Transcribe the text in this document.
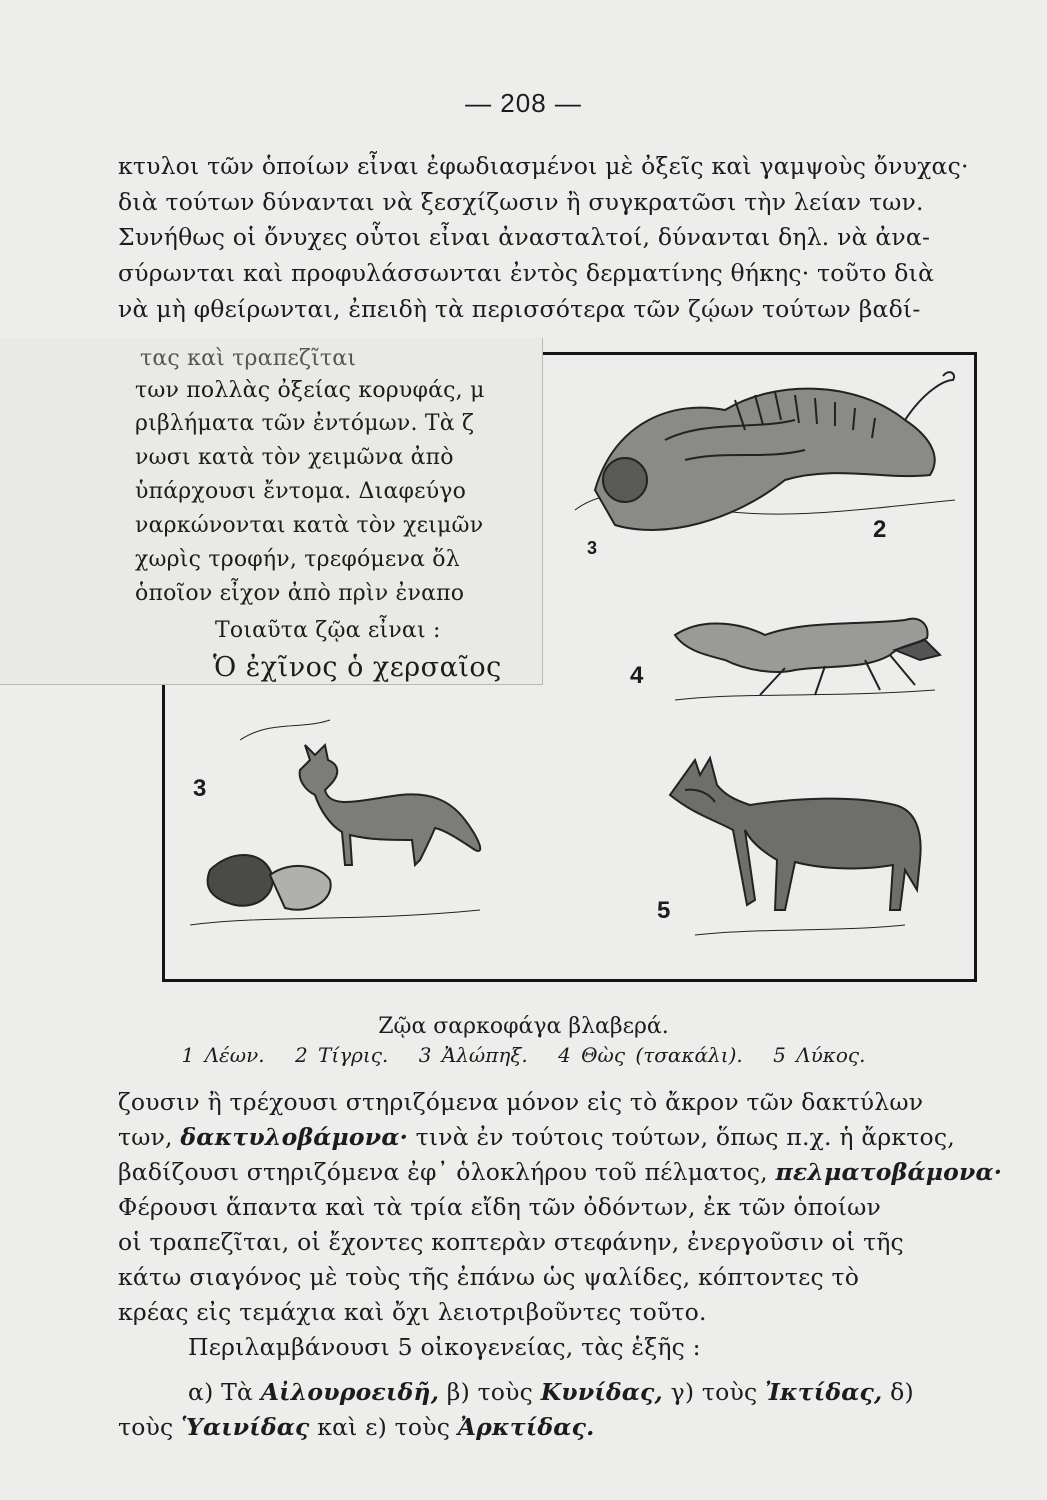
— 208 —
κτυλοι τῶν ὁποίων εἶναι ἐφωδιασμένοι μὲ ὀξεῖς καὶ γαμψοὺς ὄνυχας·
διὰ τούτων δύνανται νὰ ξεσχίζωσιν ἢ συγκρατῶσι τὴν λείαν των.
Συνήθως οἱ ὄνυχες οὗτοι εἶναι ἀνασταλτοί, δύνανται δηλ. νὰ ἀνα-
σύρωνται καὶ προφυλάσσωνται ἐντὸς δερματίνης θήκης· τοῦτο διὰ
νὰ μὴ φθείρωνται, ἐπειδὴ τὰ περισσότερα τῶν ζῴων τούτων βαδί-
τας καὶ τραπεζῖται
των πολλὰς ὀξείας κορυφάς, μ
ριβλήματα τῶν ἐντόμων. Τὰ ζ
νωσι κατὰ τὸν χειμῶνα ἀπὸ
ὑπάρχουσι ἔντομα. Διαφεύγο
ναρκώνονται κατὰ τὸν χειμῶν
χωρὶς τροφήν, τρεφόμενα ὅλ
ὁποῖον εἶχον ἀπὸ πρὶν ἐναπο
Τοιαῦτα ζῷα εἶναι :
Ὁ ἐχῖνος ὁ χερσαῖος
2
3
4
3
5
Ζῷα σαρκοφάγα βλαβερά.
1 Λέων. 2 Τίγρις. 3 Ἀλώπηξ. 4 Θὼς (τσακάλι). 5 Λύκος.
ζουσιν ἢ τρέχουσι στηριζόμενα μόνον εἰς τὸ ἄκρον τῶν δακτύλων
των, δακτυλοβάμονα· τινὰ ἐν τούτοις τούτων, ὅπως π.χ. ἡ ἄρκτος,
βαδίζουσι στηριζόμενα ἐφ᾽ ὁλοκλήρου τοῦ πέλματος, πελματοβάμονα·
Φέρουσι ἅπαντα καὶ τὰ τρία εἴδη τῶν ὀδόντων, ἐκ τῶν ὁποίων
οἱ τραπεζῖται, οἱ ἔχοντες κοπτερὰν στεφάνην, ἐνεργοῦσιν οἱ τῆς
κάτω σιαγόνος μὲ τοὺς τῆς ἐπάνω ὡς ψαλίδες, κόπτοντες τὸ
κρέας εἰς τεμάχια καὶ ὄχι λειοτριβοῦντες τοῦτο.
Περιλαμβάνουσι 5 οἰκογενείας, τὰς ἑξῆς :
α) Τὰ Αἰλουροειδῆ, β) τοὺς Κυνίδας, γ) τοὺς Ἰκτίδας, δ)
τοὺς Ὑαινίδας καὶ ε) τοὺς Ἀρκτίδας.
